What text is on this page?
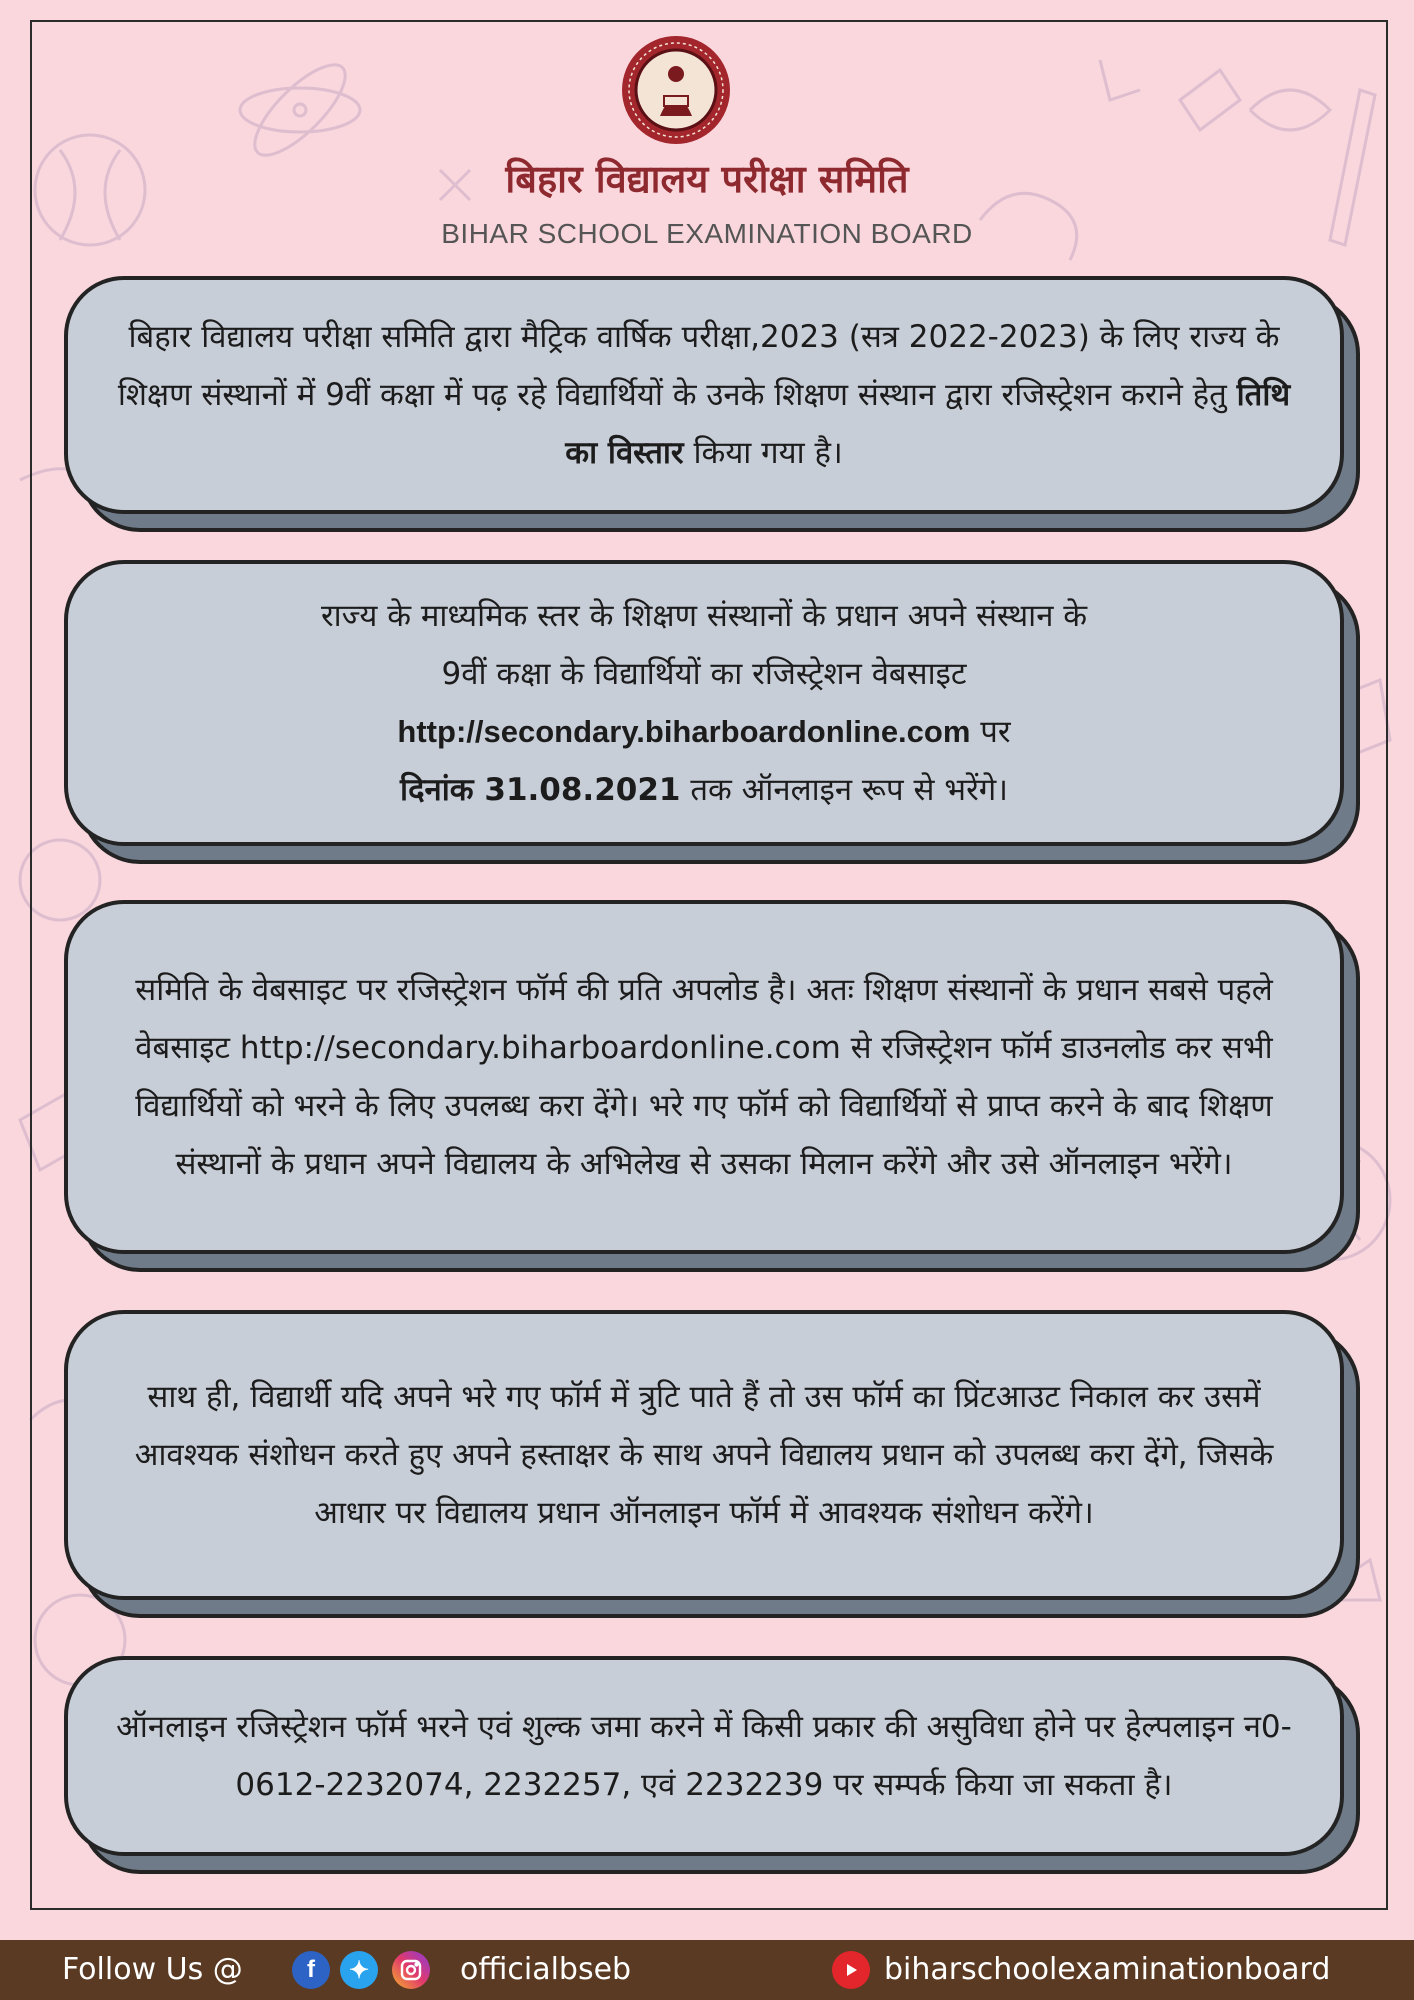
बिहार विद्यालय परीक्षा समिति
BIHAR SCHOOL EXAMINATION BOARD

बिहार विद्यालय परीक्षा समिति द्वारा मैट्रिक वार्षिक परीक्षा,2023 (सत्र 2022-2023) के लिए राज्य के शिक्षण संस्थानों में 9वीं कक्षा में पढ़ रहे विद्यार्थियों के उनके शिक्षण संस्थान द्वारा रजिस्ट्रेशन कराने हेतु तिथि का विस्तार किया गया है।

राज्य के माध्यमिक स्तर के शिक्षण संस्थानों के प्रधान अपने संस्थान के
9वीं कक्षा के विद्यार्थियों का रजिस्ट्रेशन वेबसाइट
http://secondary.biharboardonline.com पर
दिनांक 31.08.2021 तक ऑनलाइन रूप से भरेंगे।

समिति के वेबसाइट पर रजिस्ट्रेशन फॉर्म की प्रति अपलोड है। अतः शिक्षण संस्थानों के प्रधान सबसे पहले वेबसाइट http://secondary.biharboardonline.com से रजिस्ट्रेशन फॉर्म डाउनलोड कर सभी विद्यार्थियों को भरने के लिए उपलब्ध करा देंगे। भरे गए फॉर्म को विद्यार्थियों से प्राप्त करने के बाद शिक्षण संस्थानों के प्रधान अपने विद्यालय के अभिलेख से उसका मिलान करेंगे और उसे ऑनलाइन भरेंगे।

साथ ही, विद्यार्थी यदि अपने भरे गए फॉर्म में त्रुटि पाते हैं तो उस फॉर्म का प्रिंटआउट निकाल कर उसमें आवश्यक संशोधन करते हुए अपने हस्ताक्षर के साथ अपने विद्यालय प्रधान को उपलब्ध करा देंगे, जिसके आधार पर विद्यालय प्रधान ऑनलाइन फॉर्म में आवश्यक संशोधन करेंगे।

ऑनलाइन रजिस्ट्रेशन फॉर्म भरने एवं शुल्क जमा करने में किसी प्रकार की असुविधा होने पर हेल्पलाइन न0-0612-2232074, 2232257, एवं 2232239 पर सम्पर्क किया जा सकता है।

Follow Us @	f	✦	officialbseb	biharschoolexaminationboard
